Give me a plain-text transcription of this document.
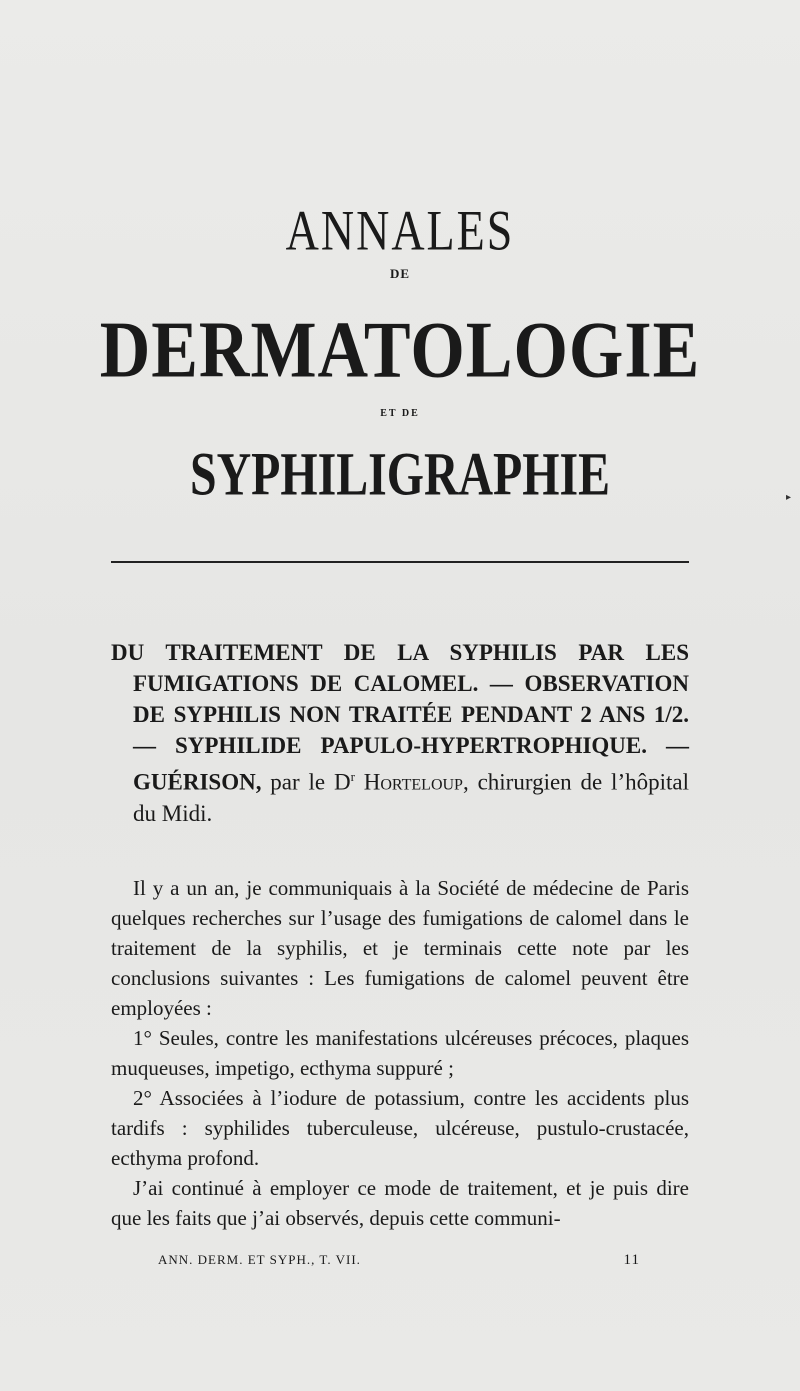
ANNALES
DE
DERMATOLOGIE
ET DE
SYPHILIGRAPHIE
DU TRAITEMENT DE LA SYPHILIS PAR LES FUMIGATIONS DE CALOMEL. — OBSERVATION DE SYPHILIS NON TRAITÉE PENDANT 2 ANS 1/2. — SYPHILIDE PAPULO-HYPERTROPHIQUE. — GUÉRISON, par le $D^r$ Horteloup, chirurgien de l’hôpital du Midi.

Il y a un an, je communiquais à la Société de médecine de Paris quelques recherches sur l’usage des fumigations de calomel dans le traitement de la syphilis, et je terminais cette note par les conclusions suivantes : Les fumigations de calomel peuvent être employées :

1° Seules, contre les manifestations ulcéreuses précoces, plaques muqueuses, impetigo, ecthyma suppuré ;

2° Associées à l’iodure de potassium, contre les accidents plus tardifs : syphilides tuberculeuse, ulcéreuse, pustulo-crustacée, ecthyma profond.

J’ai continué à employer ce mode de traitement, et je puis dire que les faits que j’ai observés, depuis cette communi-

ANN. DERM. ET SYPH., T. VII.	11
▸
